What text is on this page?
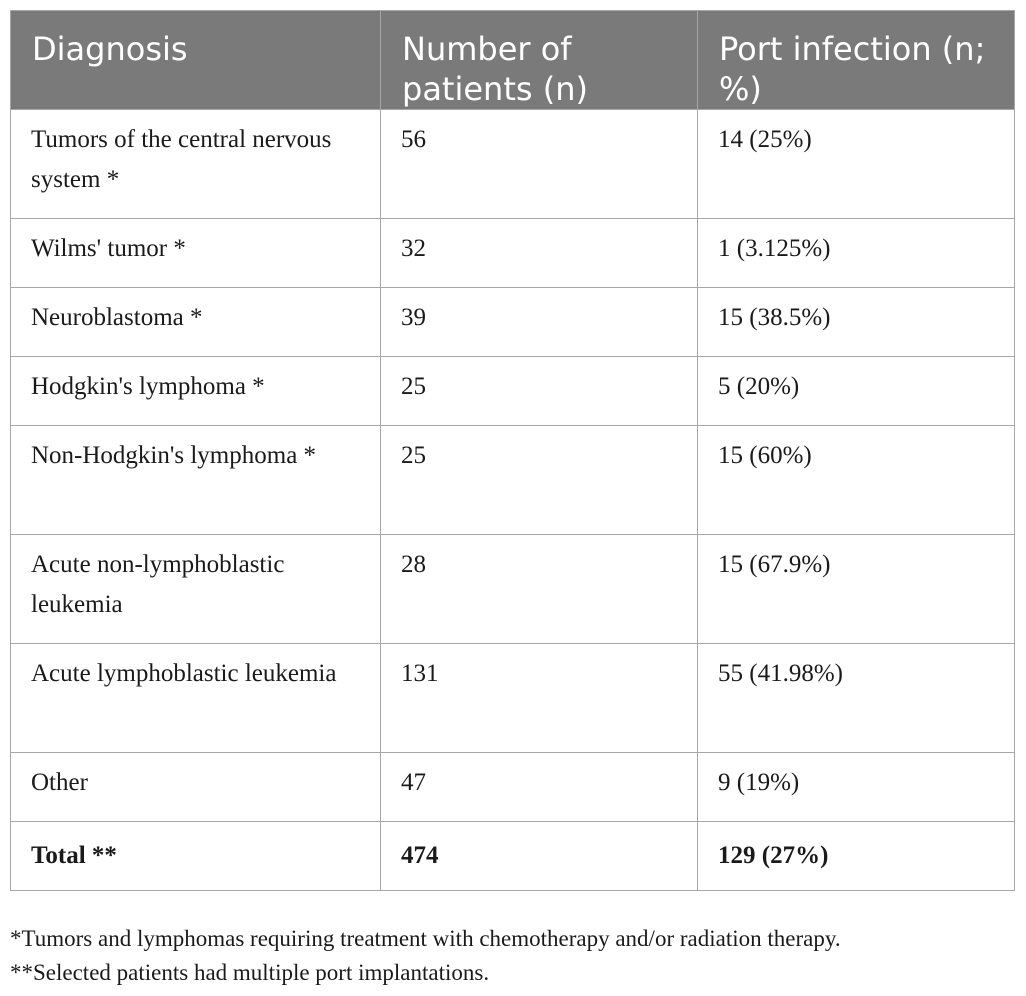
Diagnosis	Number of patients (n)	Port infection (n; %)
Tumors of the central nervous system *	56	14 (25%)
Wilms' tumor *	32	1 (3.125%)
Neuroblastoma *	39	15 (38.5%)
Hodgkin's lymphoma *	25	5 (20%)
Non-Hodgkin's lymphoma *	25	15 (60%)
Acute non-lymphoblastic leukemia	28	15 (67.9%)
Acute lymphoblastic leukemia	131	55 (41.98%)
Other	47	9 (19%)
Total **	474	129 (27%)

*Tumors and lymphomas requiring treatment with chemotherapy and/or radiation therapy.

**Selected patients had multiple port implantations.
